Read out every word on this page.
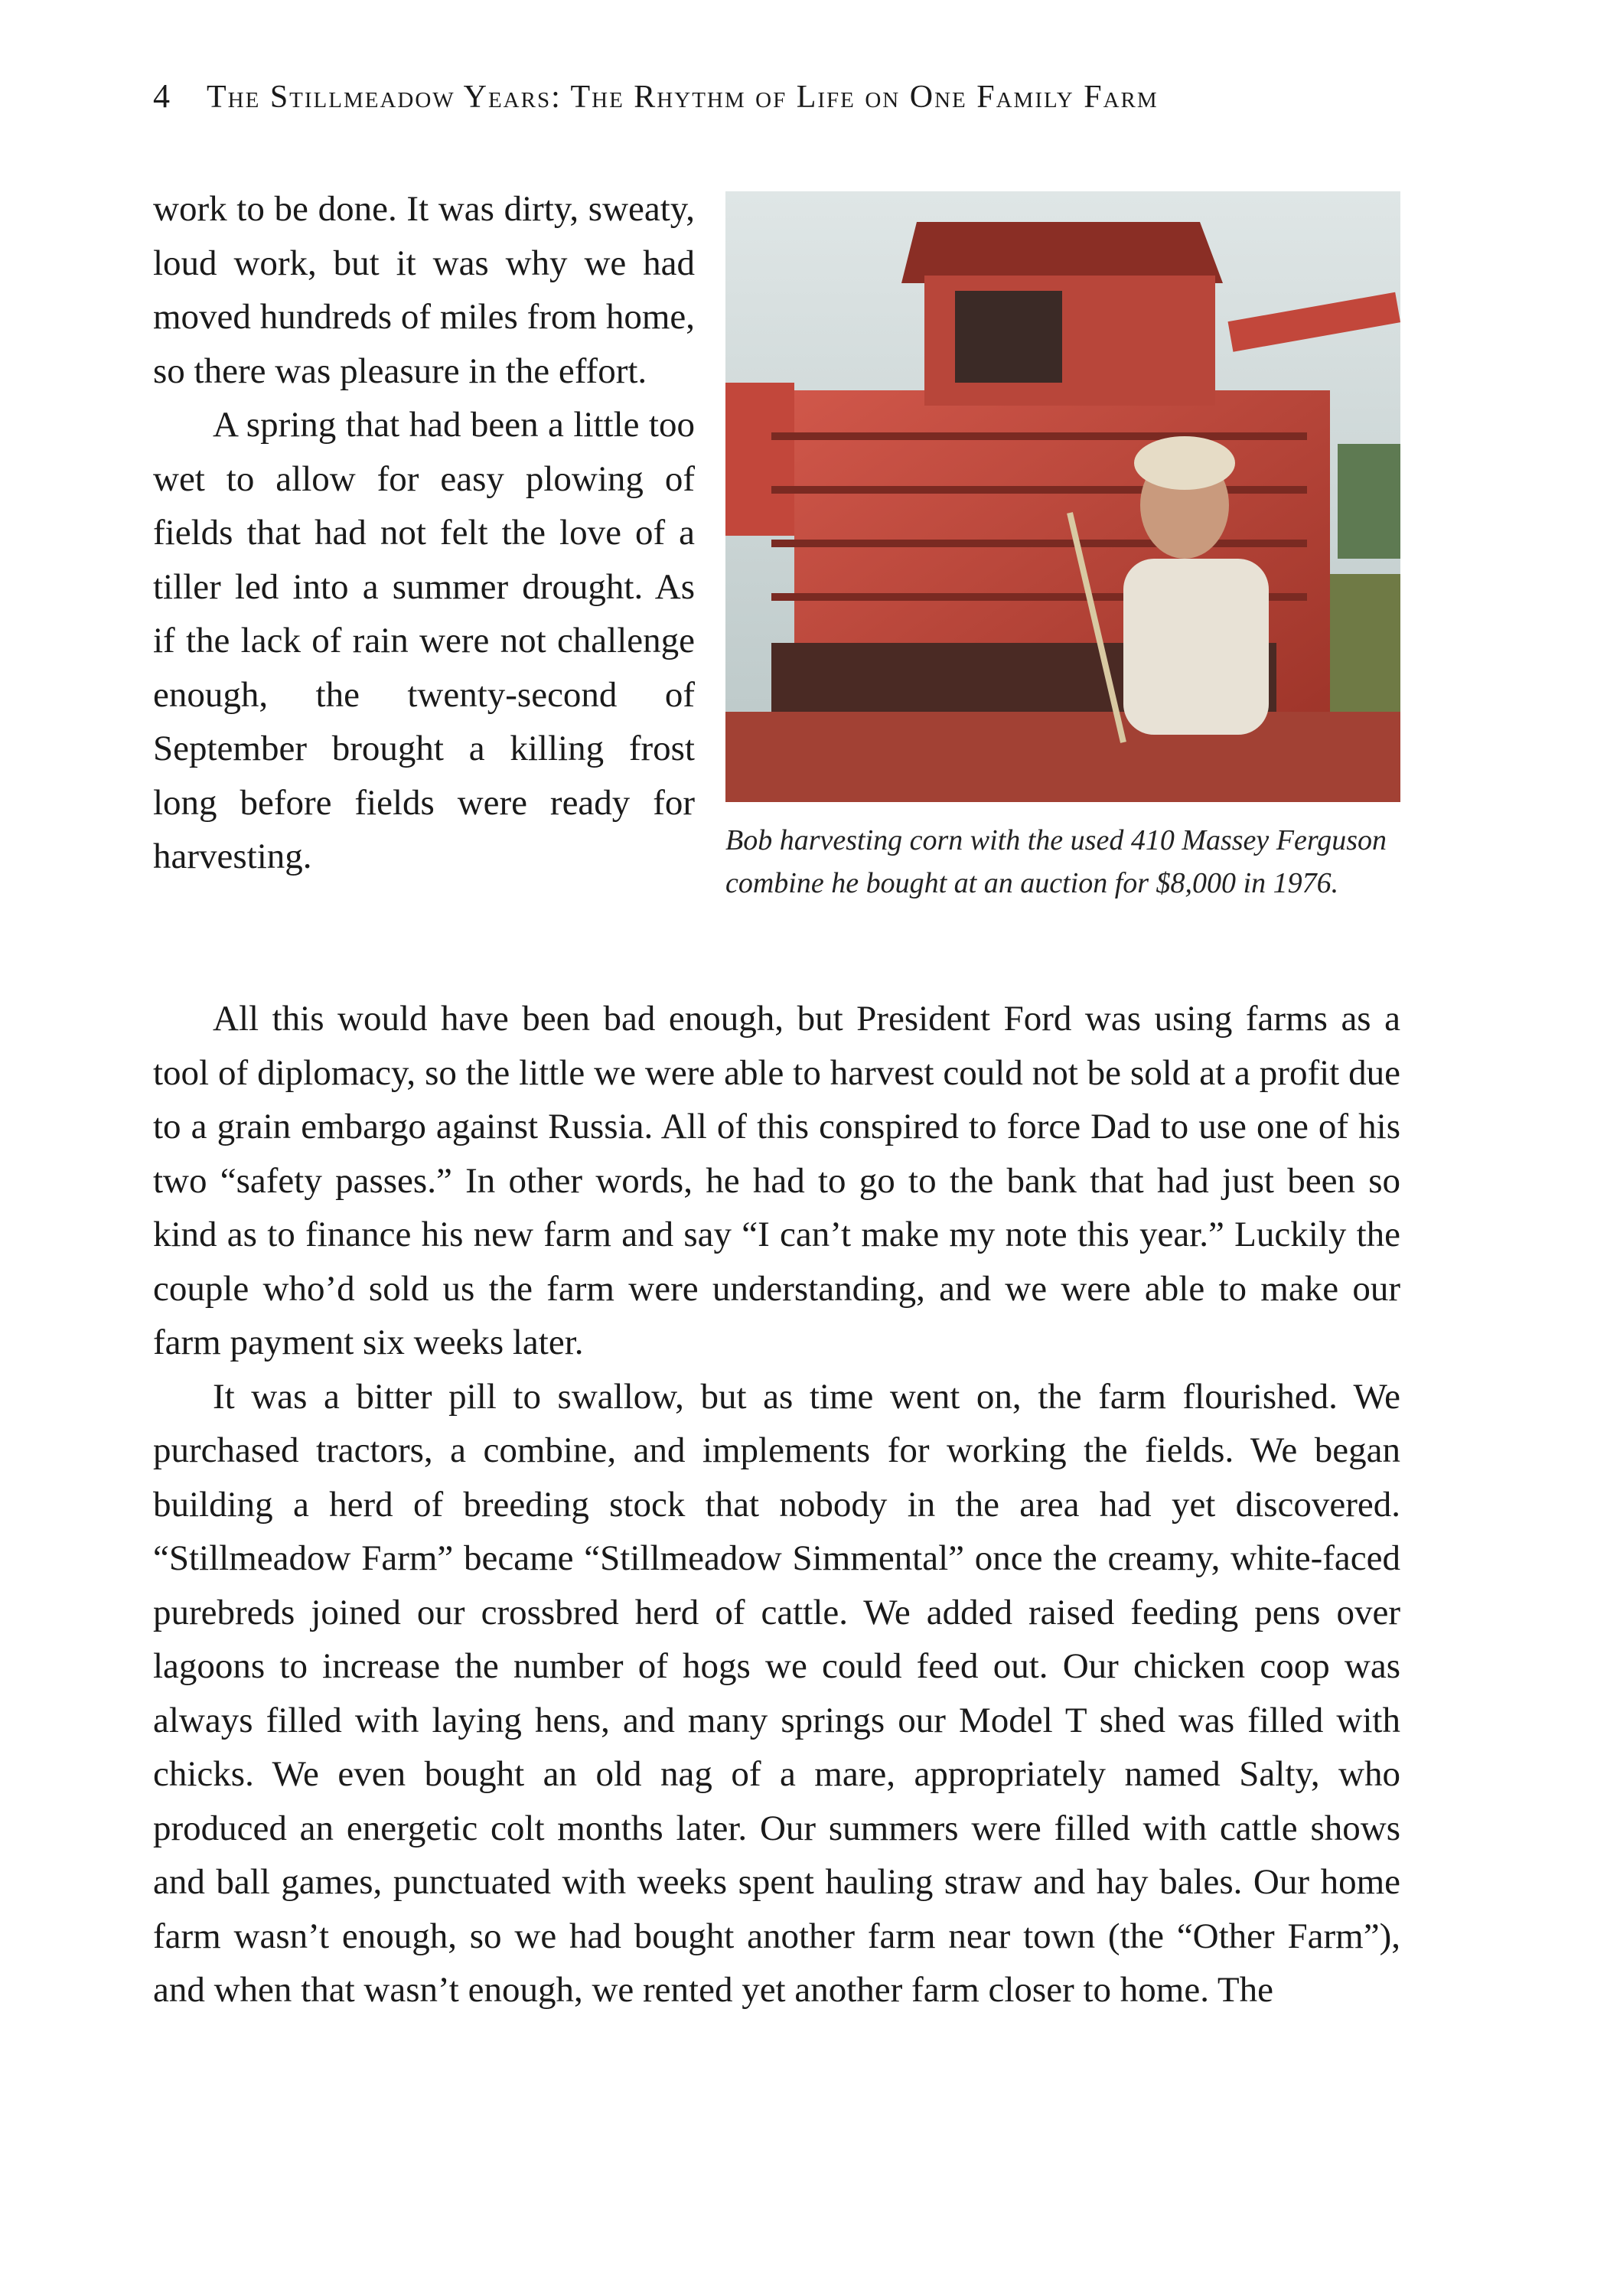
4 The Stillmeadow Years: The Rhythm of Life on One Family Farm

work to be done. It was dirty, sweaty, loud work, but it was why we had moved hundreds of miles from home, so there was pleasure in the effort.

A spring that had been a little too wet to allow for easy plowing of fields that had not felt the love of a tiller led into a summer drought. As if the lack of rain were not challenge enough, the twenty-second of September brought a killing frost long before fields were ready for harvesting.	Bob harvesting corn with the used 410 Massey Ferguson combine he bought at an auction for $8,000 in 1976.

All this would have been bad enough, but President Ford was using farms as a tool of diplomacy, so the little we were able to harvest could not be sold at a profit due to a grain embargo against Russia. All of this conspired to force Dad to use one of his two “safety passes.” In other words, he had to go to the bank that had just been so kind as to finance his new farm and say “I can’t make my note this year.” Luckily the couple who’d sold us the farm were understanding, and we were able to make our farm payment six weeks later.

It was a bitter pill to swallow, but as time went on, the farm flourished. We purchased tractors, a combine, and implements for working the fields. We began building a herd of breeding stock that nobody in the area had yet discovered. “Stillmeadow Farm” became “Stillmeadow Simmental” once the creamy, white-faced purebreds joined our crossbred herd of cattle. We added raised feeding pens over lagoons to increase the number of hogs we could feed out. Our chicken coop was always filled with laying hens, and many springs our Model T shed was filled with chicks. We even bought an old nag of a mare, appropriately named Salty, who produced an energetic colt months later. Our summers were filled with cattle shows and ball games, punctuated with weeks spent hauling straw and hay bales. Our home farm wasn’t enough, so we had bought another farm near town (the “Other Farm”), and when that wasn’t enough, we rented yet another farm closer to home. The
